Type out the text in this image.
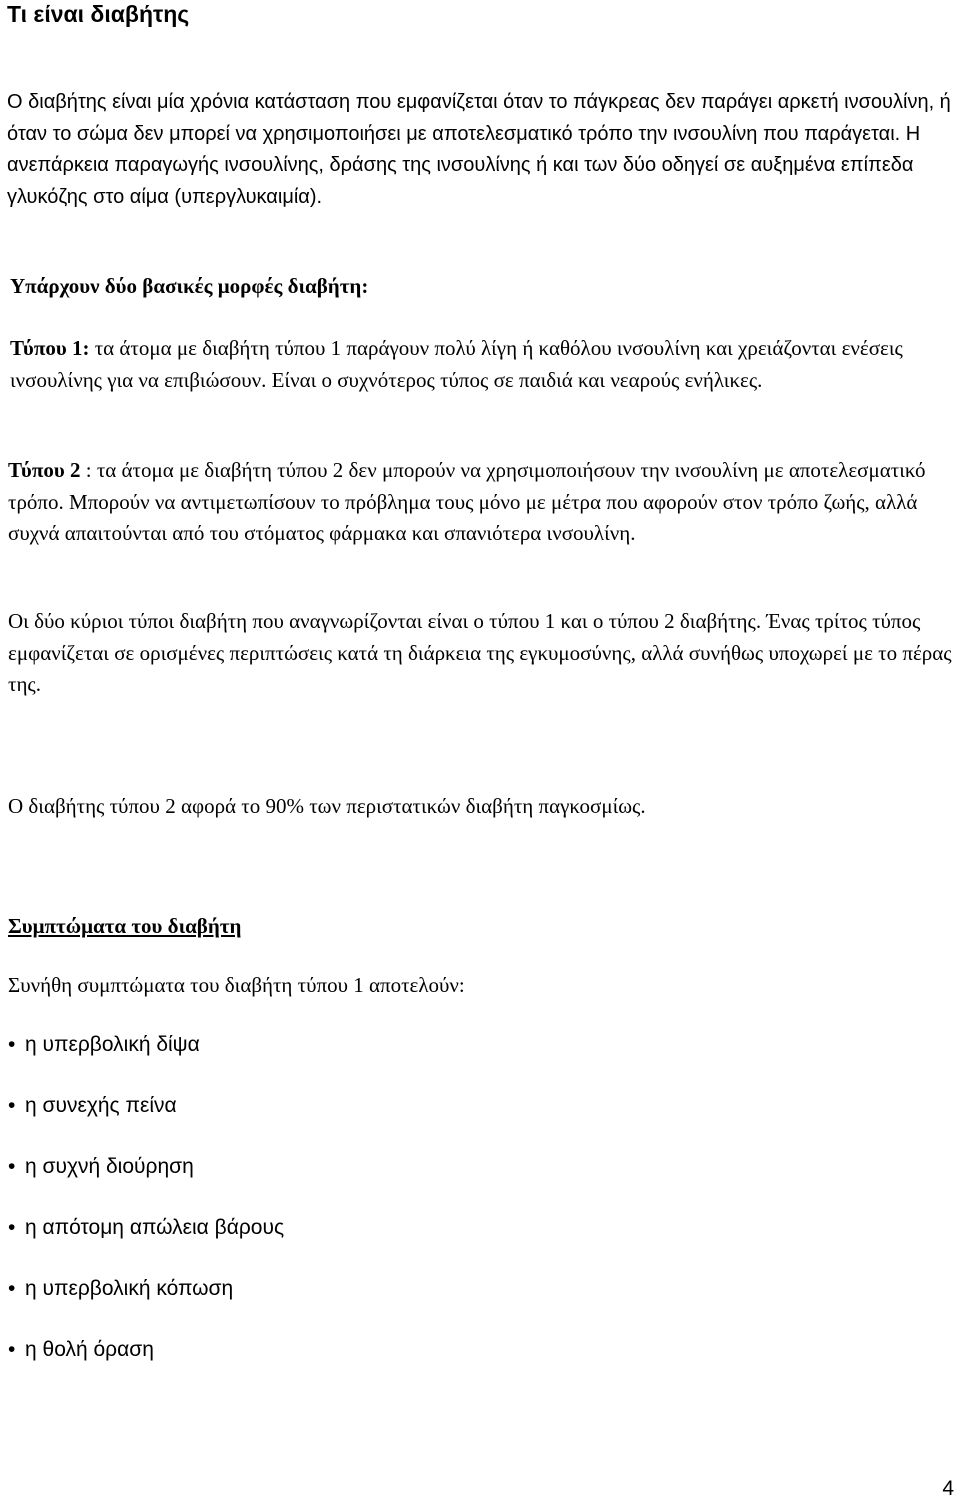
Τι είναι διαβήτης

Ο διαβήτης είναι μία χρόνια κατάσταση που εμφανίζεται όταν το πάγκρεας δεν παράγει αρκετή ινσουλίνη, ή όταν το σώμα δεν μπορεί να χρησιμοποιήσει με αποτελεσματικό τρόπο την ινσουλίνη που παράγεται. Η ανεπάρκεια παραγωγής ινσουλίνης, δράσης της ινσουλίνης ή και των δύο οδηγεί σε αυξημένα επίπεδα γλυκόζης στο αίμα (υπεργλυκαιμία).

Υπάρχουν δύο βασικές μορφές διαβήτη:

Τύπου 1: τα άτομα με διαβήτη τύπου 1 παράγουν πολύ λίγη ή καθόλου ινσουλίνη και χρειάζονται ενέσεις ινσουλίνης για να επιβιώσουν. Είναι ο συχνότερος τύπος σε παιδιά και νεαρούς ενήλικες.

Τύπου 2 : τα άτομα με διαβήτη τύπου 2 δεν μπορούν να χρησιμοποιήσουν την ινσουλίνη με αποτελεσματικό τρόπο. Μπορούν να αντιμετωπίσουν το πρόβλημα τους μόνο με μέτρα που αφορούν στον τρόπο ζωής, αλλά συχνά απαιτούνται από του στόματος φάρμακα και σπανιότερα ινσουλίνη.

Οι δύο κύριοι τύποι διαβήτη που αναγνωρίζονται είναι ο τύπου 1 και ο τύπου 2 διαβήτης. Ένας τρίτος τύπος εμφανίζεται σε ορισμένες περιπτώσεις κατά τη διάρκεια της εγκυμοσύνης, αλλά συνήθως υποχωρεί με το πέρας της.

Ο διαβήτης τύπου 2 αφορά το 90% των περιστατικών διαβήτη παγκοσμίως.

Συμπτώματα του διαβήτη

Συνήθη συμπτώματα του διαβήτη τύπου 1 αποτελούν:

• η υπερβολική δίψα
• η συνεχής πείνα
• η συχνή διούρηση
• η απότομη απώλεια βάρους
• η υπερβολική κόπωση
• η θολή όραση
4
